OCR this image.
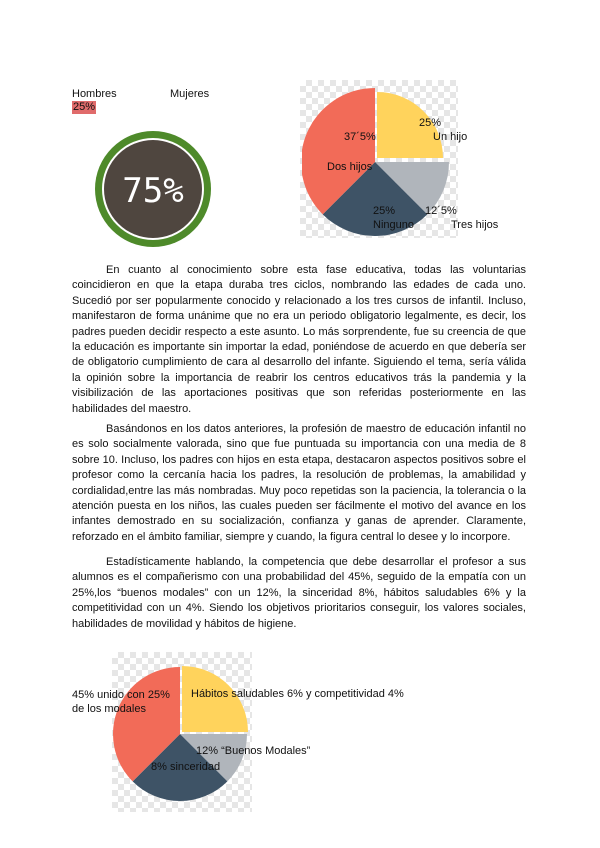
Hombres	Mujeres
25%
75%
25%
Un hijo
37´5%
Dos hijos
25%
Ninguno
12´5%
Tres hijos

En cuanto al conocimiento sobre esta fase educativa, todas las voluntarias coincidieron en que la etapa duraba tres ciclos, nombrando las edades de cada uno. Sucedió por ser popularmente conocido y relacionado a los tres cursos de infantil. Incluso, manifestaron de forma unánime que no era un periodo obligatorio legalmente, es decir, los padres pueden decidir respecto a este asunto. Lo más sorprendente, fue su creencia de que la educación es importante sin importar la edad, poniéndose de acuerdo en que debería ser de obligatorio cumplimiento de cara al desarrollo del infante. Siguiendo el tema, sería válida la opinión sobre la importancia de reabrir los centros educativos trás la pandemia y la visibilización de las aportaciones positivas que son referidas posteriormente en las habilidades del maestro.

Basándonos en los datos anteriores, la profesión de maestro de educación infantil no es solo socialmente valorada, sino que fue puntuada su importancia con una media de 8 sobre 10. Incluso, los padres con hijos en esta etapa, destacaron aspectos positivos sobre el profesor como la cercanía hacia los padres, la resolución de problemas, la amabilidad y cordialidad,entre las más nombradas. Muy poco repetidas son la paciencia, la tolerancia o la atención puesta en los niños, las cuales pueden ser fácilmente el motivo del avance en los infantes demostrado en su socialización, confianza y ganas de aprender. Claramente, reforzado en el ámbito familiar, siempre y cuando, la figura central lo desee y lo incorpore.

Estadísticamente hablando, la competencia que debe desarrollar el profesor a sus alumnos es el compañerismo con una probabilidad del 45%, seguido de la empatía con un 25%,los “buenos modales” con un 12%, la sinceridad 8%, hábitos saludables 6% y la competitividad con un 4%. Siendo los objetivos prioritarios conseguir, los valores sociales, habilidades de movilidad y hábitos de higiene.

45% unido con 25% de los modales
Hábitos saludables 6% y competitividad 4%
12% “Buenos Modales”
8% sinceridad
